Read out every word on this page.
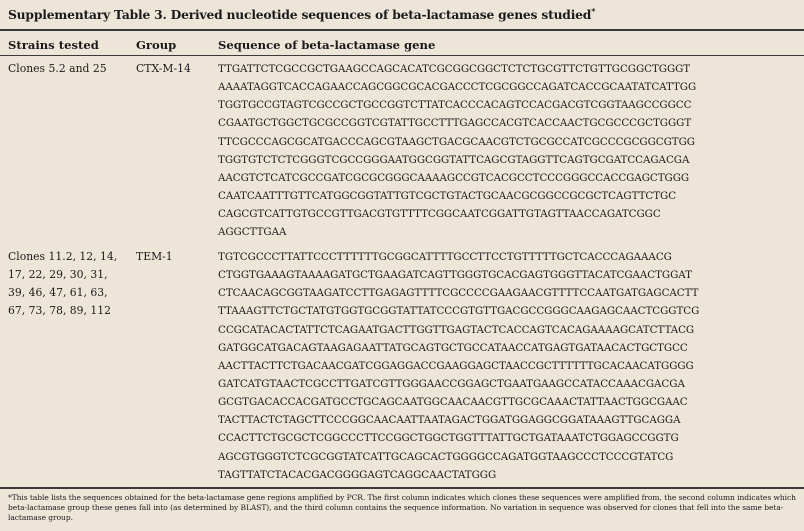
Supplementary Table 3. Derived nucleotide sequences of beta-lactamase genes studied*
Strains tested	Group	Sequence of beta-lactamase gene
Clones 5.2 and 25	CTX-M-14	TTGATTCTCGCCGCTGAAGCCAGCACATCGCGGCGGCTCTCTGCGTTCTGTTGCGGCTGGGT
AAAATAGGTCACCAGAACCAGCGGCGCACGACCCTCGCGGCCAGATCACCGCAATATCATTGG
TGGTGCCGTAGTCGCCGCTGCCGGTCTTATCACCCACAGTCCACGACGTCGGTAAGCCGGCC
CGAATGCTGGCTGCGCCGGTCGTATTGCCTTTGAGCCACGTCACCAACTGCGCCCGCTGGGT
TTCGCCCAGCGCATGACCCAGCGTAAGCTGACGCAACGTCTGCGCCATCGCCCGCGGCGTGG
TGGTGTCTCTCGGGTCGCCGGGAATGGCGGTATTCAGCGTAGGTTCAGTGCGATCCAGACGA
AACGTCTCATCGCCGATCGCGCGGGCAAAAGCCGTCACGCCTCCCGGGCCACCGAGCTGGG
CAATCAATTTGTTCATGGCGGTATTGTCGCTGTACTGCAACGCGGCCGCGCTCAGTTCTGC
CAGCGTCATTGTGCCGTTGACGTGTTTTCGGCAATCGGATTGTAGTTAACCAGATCGGC
AGGCTTGAA
Clones 11.2, 12, 14,
17, 22, 29, 30, 31,
39, 46, 47, 61, 63,
67, 73, 78, 89, 112
TEM-1	TGTCGCCCTTATTCCCTTTTTTGCGGCATTTTGCCTTCCTGTTTTTGCTCACCCAGAAACG
CTGGTGAAAGTAAAAGATGCTGAAGATCAGTTGGGTGCACGAGTGGGTTACATCGAACTGGAT
CTCAACAGCGGTAAGATCCTTGAGAGTTTTCGCCCCGAAGAACGTTTTCCAATGATGAGCACTT
TTAAAGTTCTGCTATGTGGTGCGGTATTATCCCGTGTTGACGCCGGGCAAGAGCAACTCGGTCG
CCGCATACACTATTCTCAGAATGACTTGGTTGAGTACTCACCAGTCACAGAAAAGCATCTTACG
GATGGCATGACAGTAAGAGAATTATGCAGTGCTGCCATAACCATGAGTGATAACACTGCTGCC
AACTTACTTCTGACAACGATCGGAGGACCGAAGGAGCTAACCGCTTTTTTGCACAACATGGGG
GATCATGTAACTCGCCTTGATCGTTGGGAACCGGAGCTGAATGAAGCCATACCAAACGACGA
GCGTGACACCACGATGCCTGCAGCAATGGCAACAACGTTGCGCAAACTATTAACTGGCGAAC
TACTTACTCTAGCTTCCCGGCAACAATTAATAGACTGGATGGAGGCGGATAAAGTTGCAGGA
CCACTTCTGCGCTCGGCCCTTCCGGCTGGCTGGTTTATTGCTGATAAATCTGGAGCCGGTG
AGCGTGGGTCTCGCGGTATCATTGCAGCACTGGGGCCAGATGGTAAGCCCTCCCGTATCG
TAGTTATCTACACGACGGGGAGTCAGGCAACTATGGG
*This table lists the sequences obtained for the beta-lactamase gene regions amplified by PCR. The first column indicates which clones these sequences were amplified from, the second column indicates which beta-lactamase group these genes fall into (as determined by BLAST), and the third column contains the sequence information. No variation in sequence was observed for clones that fell into the same beta-lactamase group.
